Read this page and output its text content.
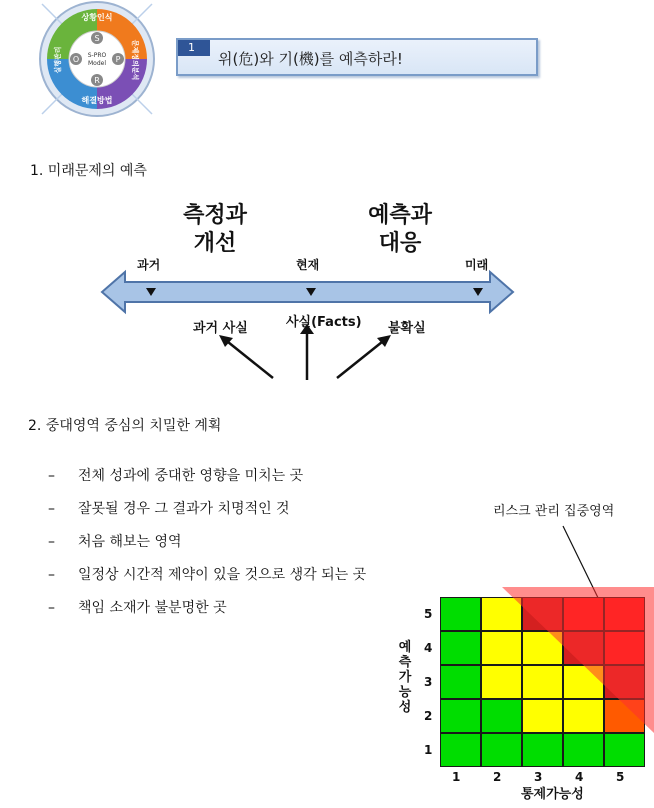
S
P
R
O S-PRO
Model
상황인식
문제정의분석
해결방법
실행관리	1
위(危)와 기(機)를 예측하라!
1. 미래문제의 예측
측정과
개선
예측과
대응
과거	현재	미래
과거 사실	사실(Facts) 불확실
2. 중대영역 중심의 치밀한 계획
– 전체 성과에 중대한 영향을 미치는 곳
– 잘못될 경우 그 결과가 치명적인 것
– 처음 해보는 영역
– 일정상 시간적 제약이 있을 것으로 생각 되는 곳
– 책임 소재가 불분명한 곳
리스크 관리 집중영역
5
4
3
2
1
1	2	3	4	5
예측가능성
통제가능성
